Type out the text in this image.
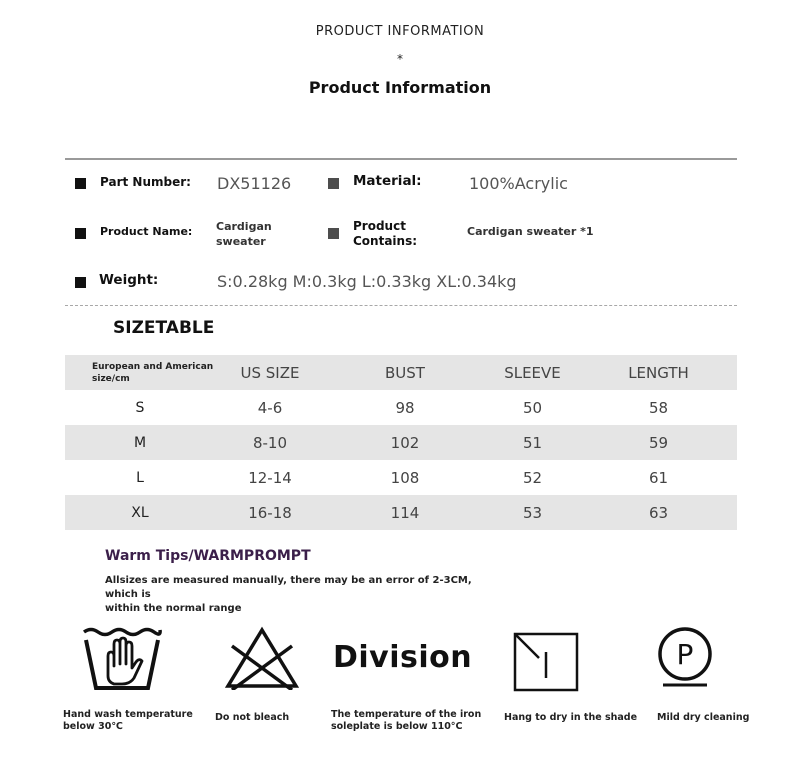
PRODUCT INFORMATION
*
Product Information
Part Number: DX51126	Material:	100%Acrylic
Product Name: Cardigan
sweater
Product
Contains:
Cardigan sweater *1
Weight:	S:0.28kg M:0.3kg L:0.33kg XL:0.34kg
SIZETABLE
European and American
size/cm	US SIZE	BUST	SLEEVE	LENGTH
S	4-6	98	50	58
M	8-10	102	51	59
L	12-14	108	52	61
XL	16-18	114	53	63
Warm Tips/WARMPROMPT
Allsizes are measured manually, there may be an error of 2-3CM, which is
within the normal range
Division	P
Hand wash temperature
below 30℃
Do not bleach	The temperature of the iron
soleplate is below 110°C
Hang to dry in the shade Mild dry cleaning
